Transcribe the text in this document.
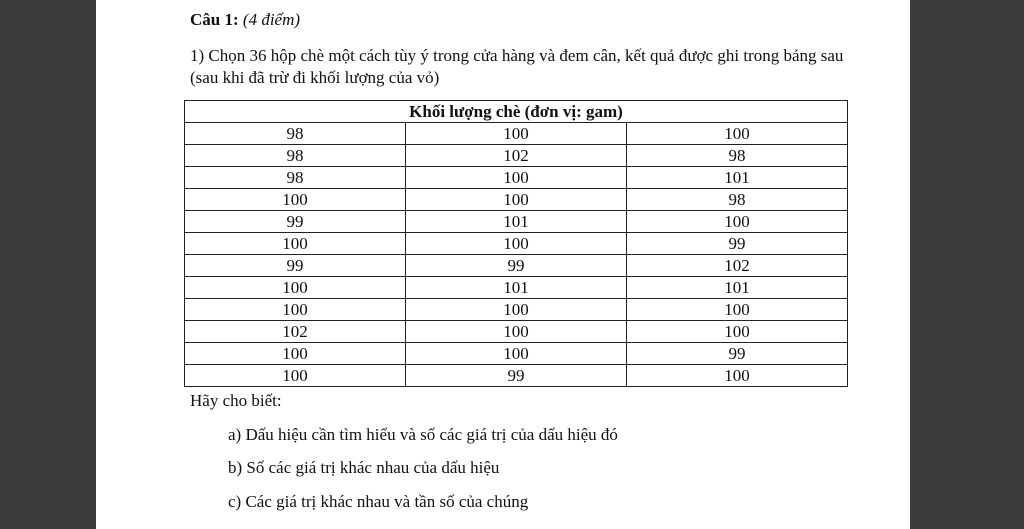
Câu 1: (4 điểm)
1) Chọn 36 hộp chè một cách tùy ý trong cửa hàng và đem cân, kết quả được ghi trong bảng sau (sau khi đã trừ đi khối lượng của vỏ)
Khối lượng chè (đơn vị: gam)		
98	100	100
98	102	98
98	100	101
100	100	98
99	101	100
100	100	99
99	99	102
100	101	101
100	100	100
102	100	100
100	100	99
100	99	100
Hãy cho biết:
a) Dấu hiệu cần tìm hiểu và số các giá trị của dấu hiệu đó
b) Số các giá trị khác nhau của dấu hiệu
c) Các giá trị khác nhau và tần số của chúng
